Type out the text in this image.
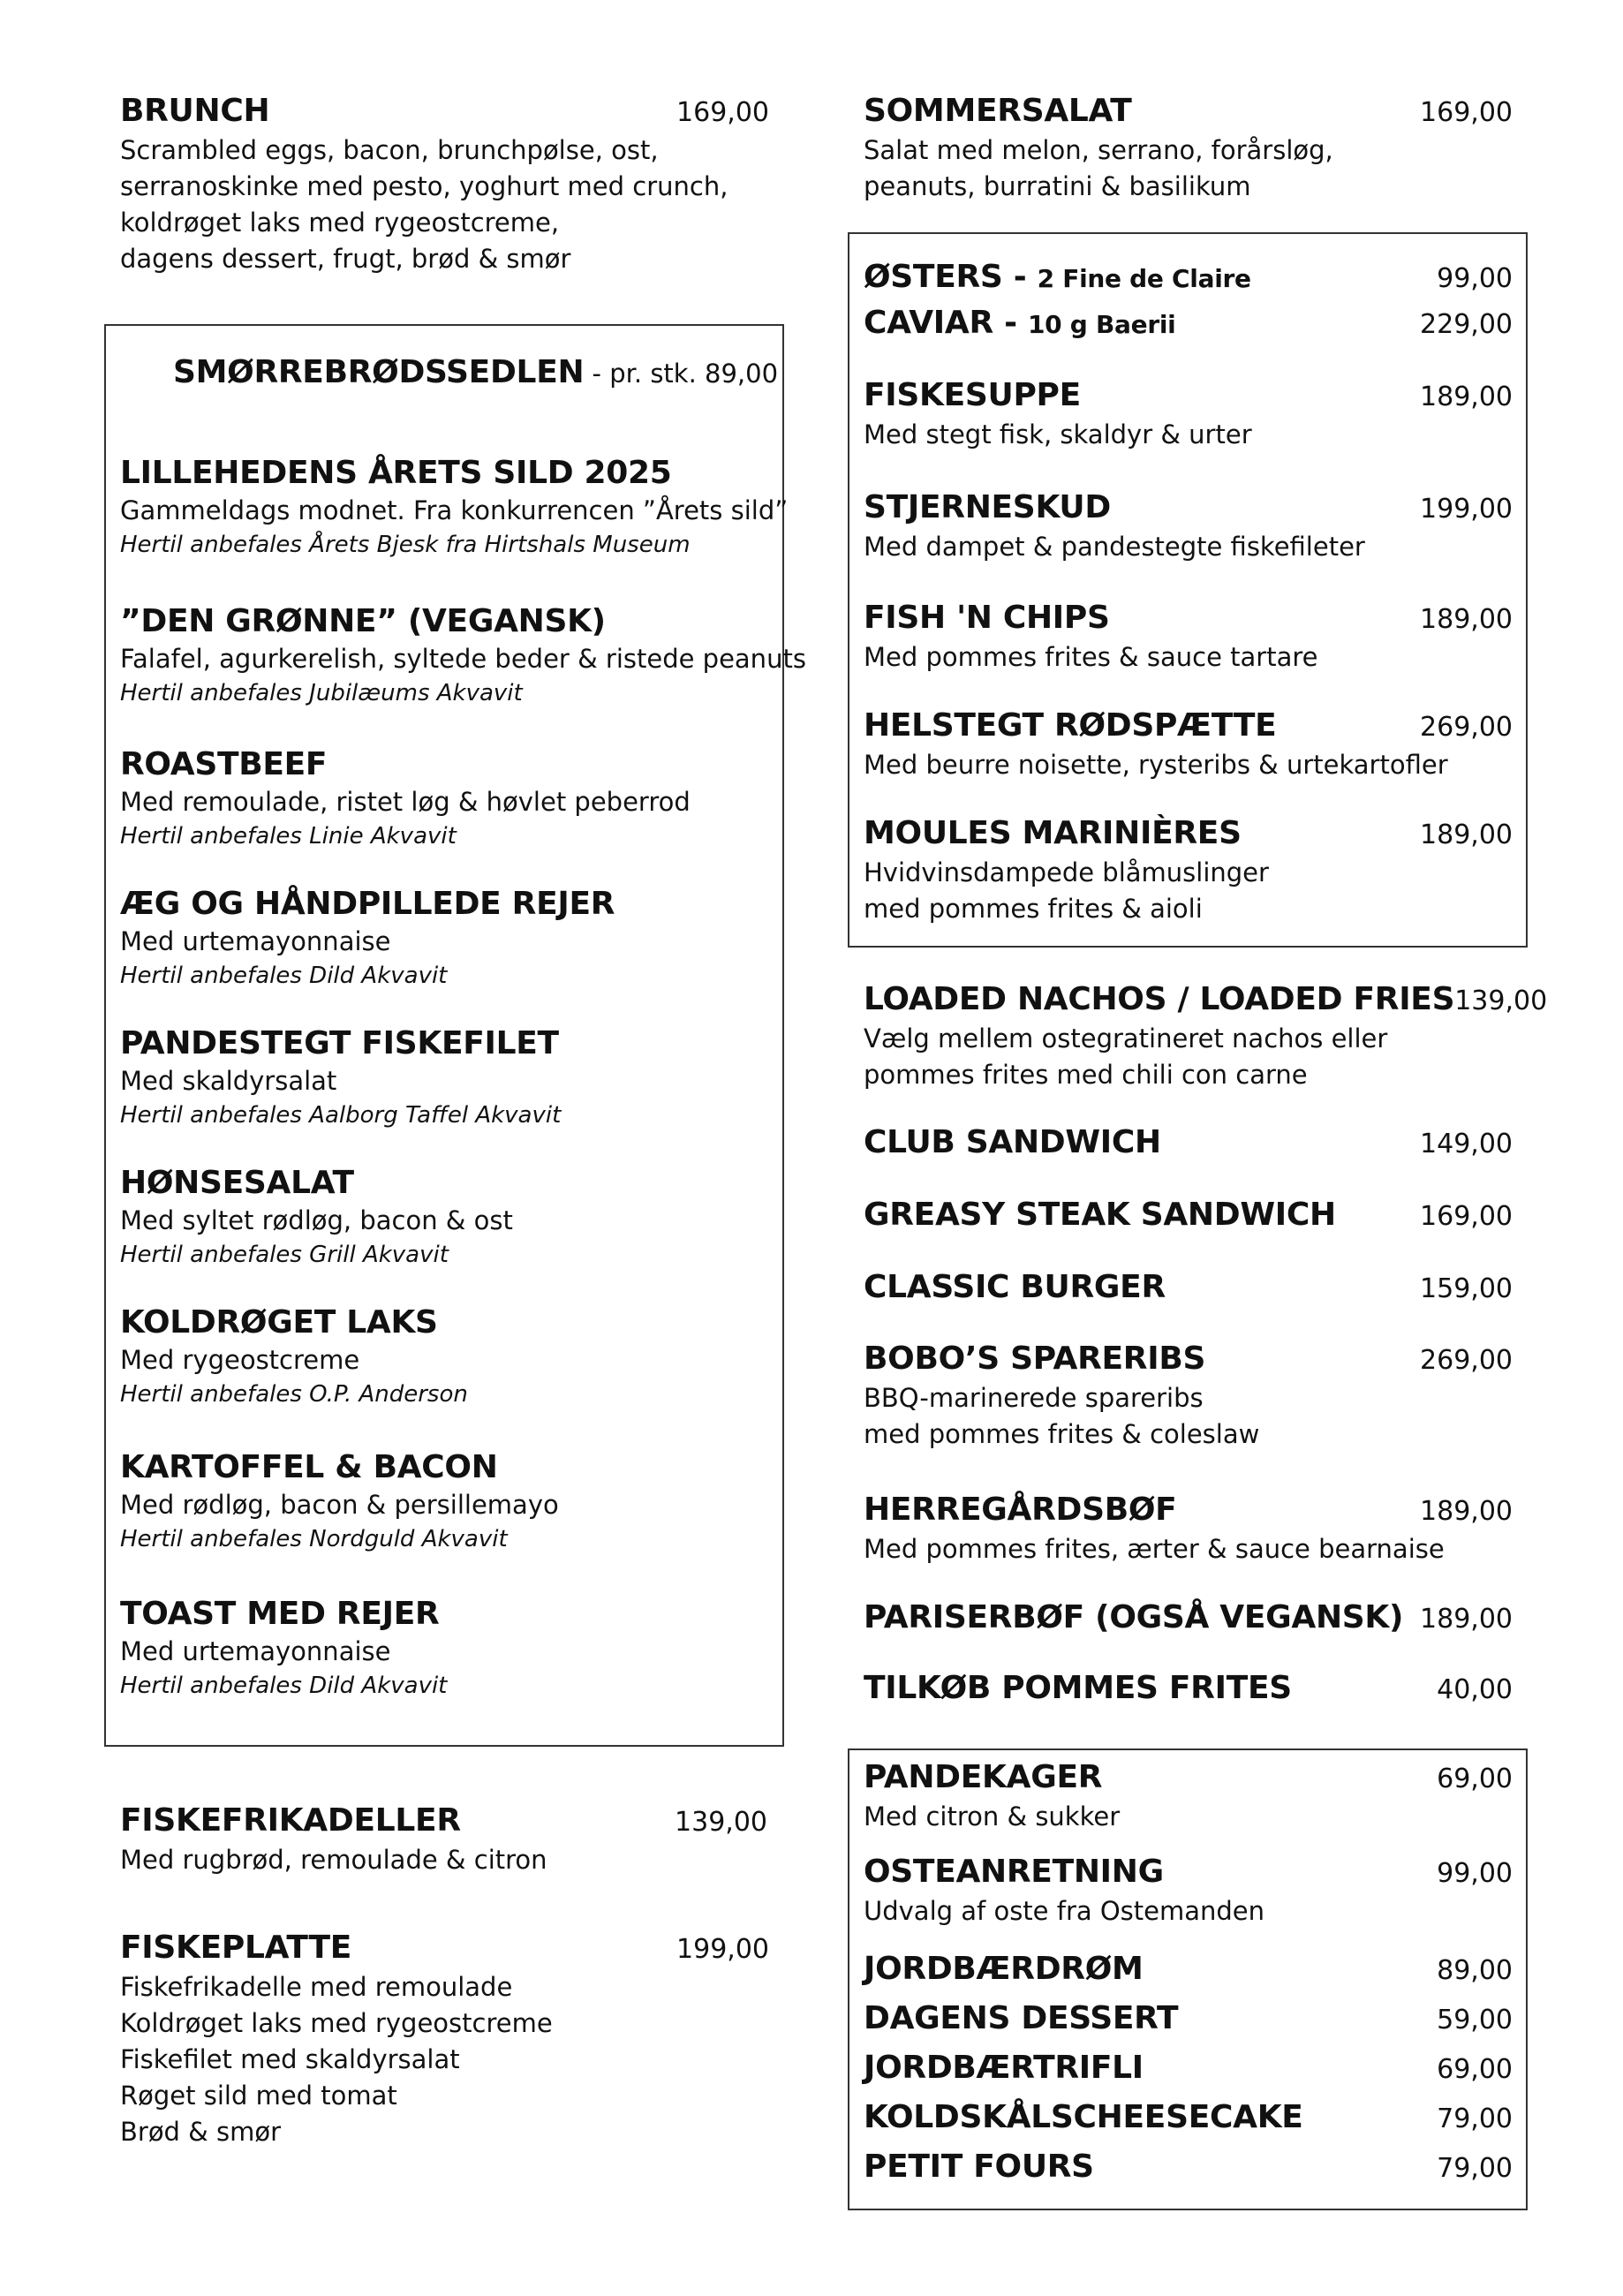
BRUNCH	169,00
Scrambled eggs, bacon, brunchpølse, ost,
serranoskinke med pesto, yoghurt med crunch,
koldrøget laks med rygeostcreme,
dagens dessert, frugt, brød & smør
SMØRREBRØDSSEDLEN - pr. stk. 89,00
LILLEHEDENS ÅRETS SILD 2025
Gammeldags modnet. Fra konkurrencen ”Årets sild”
Hertil anbefales Årets Bjesk fra Hirtshals Museum
”DEN GRØNNE” (VEGANSK)
Falafel, agurkerelish, syltede beder & ristede peanuts
Hertil anbefales Jubilæums Akvavit
ROASTBEEF
Med remoulade, ristet løg & høvlet peberrod
Hertil anbefales Linie Akvavit
ÆG OG HÅNDPILLEDE REJER
Med urtemayonnaise
Hertil anbefales Dild Akvavit
PANDESTEGT FISKEFILET
Med skaldyrsalat
Hertil anbefales Aalborg Taffel Akvavit
HØNSESALAT
Med syltet rødløg, bacon & ost
Hertil anbefales Grill Akvavit
KOLDRØGET LAKS
Med rygeostcreme
Hertil anbefales O.P. Anderson
KARTOFFEL & BACON
Med rødløg, bacon & persillemayo
Hertil anbefales Nordguld Akvavit
TOAST MED REJER
Med urtemayonnaise
Hertil anbefales Dild Akvavit
FISKEFRIKADELLER	139,00
Med rugbrød, remoulade & citron
FISKEPLATTE	199,00
Fiskefrikadelle med remoulade
Koldrøget laks med rygeostcreme
Fiskefilet med skaldyrsalat
Røget sild med tomat
Brød & smør
SOMMERSALAT	169,00
Salat med melon, serrano, forårsløg,
peanuts, burratini & basilikum
ØSTERS - 2 Fine de Claire	99,00
CAVIAR - 10 g Baerii	229,00
FISKESUPPE	189,00
Med stegt fisk, skaldyr & urter
STJERNESKUD	199,00
Med dampet & pandestegte fiskefileter
FISH 'N CHIPS	189,00
Med pommes frites & sauce tartare
HELSTEGT RØDSPÆTTE	269,00
Med beurre noisette, rysteribs & urtekartofler
MOULES MARINIÈRES	189,00
Hvidvinsdampede blåmuslinger
med pommes frites & aioli
LOADED NACHOS / LOADED FRIES 139,00
Vælg mellem ostegratineret nachos eller
pommes frites med chili con carne
CLUB SANDWICH	149,00
GREASY STEAK SANDWICH	169,00
CLASSIC BURGER	159,00
BOBO’S SPARERIBS	269,00
BBQ-marinerede spareribs
med pommes frites & coleslaw
HERREGÅRDSBØF	189,00
Med pommes frites, ærter & sauce bearnaise
PARISERBØF (OGSÅ VEGANSK) 189,00
TILKØB POMMES FRITES	40,00
PANDEKAGER	69,00
Med citron & sukker
OSTEANRETNING	99,00
Udvalg af oste fra Ostemanden
JORDBÆRDRØM	89,00
DAGENS DESSERT	59,00
JORDBÆRTRIFLI	69,00
KOLDSKÅLSCHEESECAKE	79,00
PETIT FOURS	79,00
